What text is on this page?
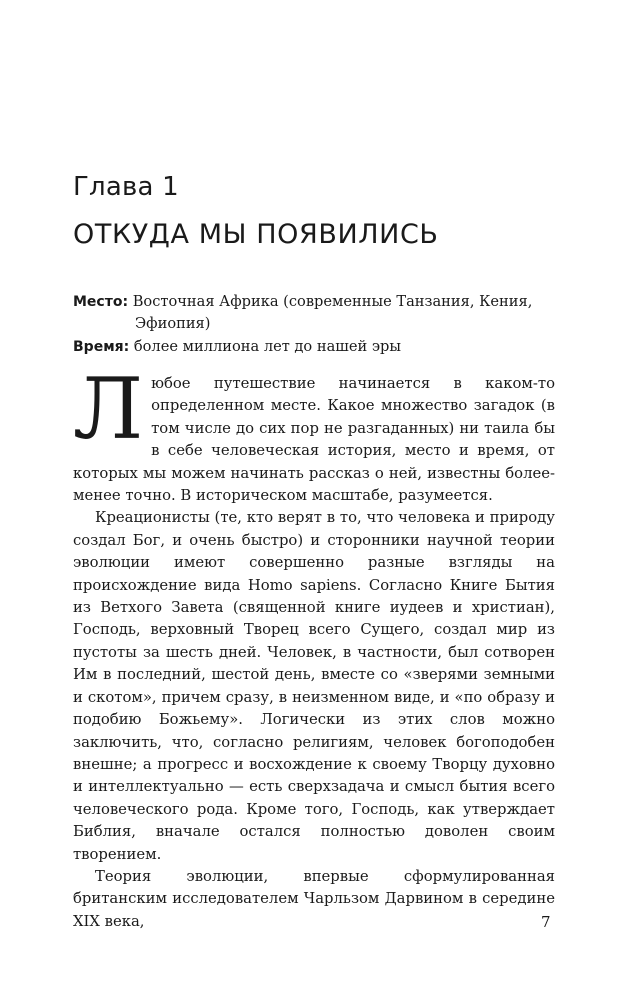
Глава 1
ОТКУДА МЫ ПОЯВИЛИСЬ
Место: Восточная Африка (современные Танзания, Кения,
Эфиопия)
Время: более миллиона лет до нашей эры

Л юбое путешествие начинается в каком-то определенном месте. Какое множество загадок (в том числе до сих пор не разгаданных) ни таила бы в себе человеческая история, место и время, от которых мы можем начинать рассказ о ней, известны более-менее точно. В историческом масштабе, разумеется.

Креационисты (те, кто верят в то, что человека и природу создал Бог, и очень быстро) и сторонники научной теории эволюции имеют совершенно разные взгляды на происхождение вида Homo sapiens. Согласно Книге Бытия из Ветхого Завета (священной книге иудеев и христиан), Господь, верховный Творец всего Сущего, создал мир из пустоты за шесть дней. Человек, в частности, был сотворен Им в последний, шестой день, вместе со «зверями земными и скотом», причем сразу, в неизменном виде, и «по образу и подобию Божьему». Логически из этих слов можно заключить, что, согласно религиям, человек богоподобен внешне; а прогресс и восхождение к своему Творцу духовно и интеллектуально — есть сверхзадача и смысл бытия всего человеческого рода. Кроме того, Господь, как утверждает Библия, вначале остался полностью доволен своим творением.

Теория эволюции, впервые сформулированная британским исследователем Чарльзом Дарвином в середине XIX века,	7
